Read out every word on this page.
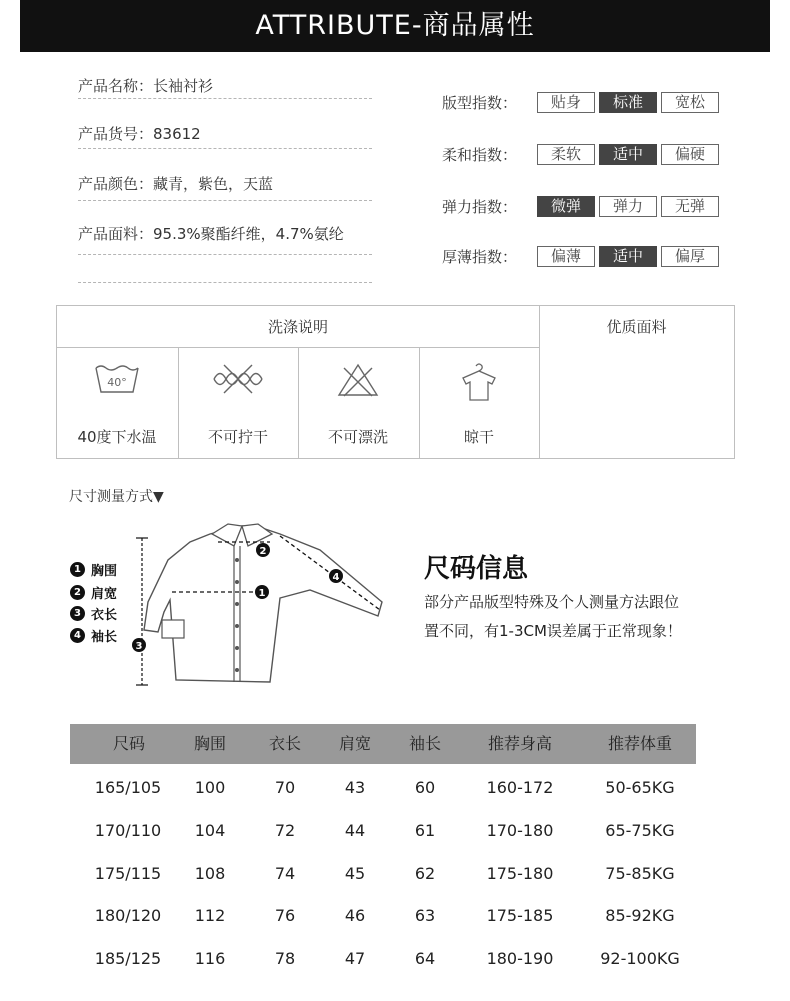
ATTRIBUTE-商品属性
产品名称：长袖衬衫
产品货号：83612
产品颜色：藏青，紫色，天蓝
产品面料：95.3%聚酯纤维，4.7%氨纶
版型指数：	贴身	标准	宽松
柔和指数：	柔软	适中	偏硬
弹力指数：	微弹	弹力	无弹
厚薄指数：	偏薄	适中	偏厚
洗涤说明	优质面料
40°
40度下水温	不可拧干	不可漂洗	晾干
尺寸测量方式▼
1 胸围
2 肩宽
3 衣长
4 袖长
1
2
3
4	尺码信息
部分产品版型特殊及个人测量方法跟位
置不同，有1-3CM误差属于正常现象！
尺码	胸围	衣长	肩宽	袖长	推荐身高	推荐体重
165/105	100	70	43	60	160-172	50-65KG
170/110	104	72	44	61	170-180	65-75KG
175/115	108	74	45	62	175-180	75-85KG
180/120	112	76	46	63	175-185	85-92KG
185/125	116	78	47	64	180-190	92-100KG
